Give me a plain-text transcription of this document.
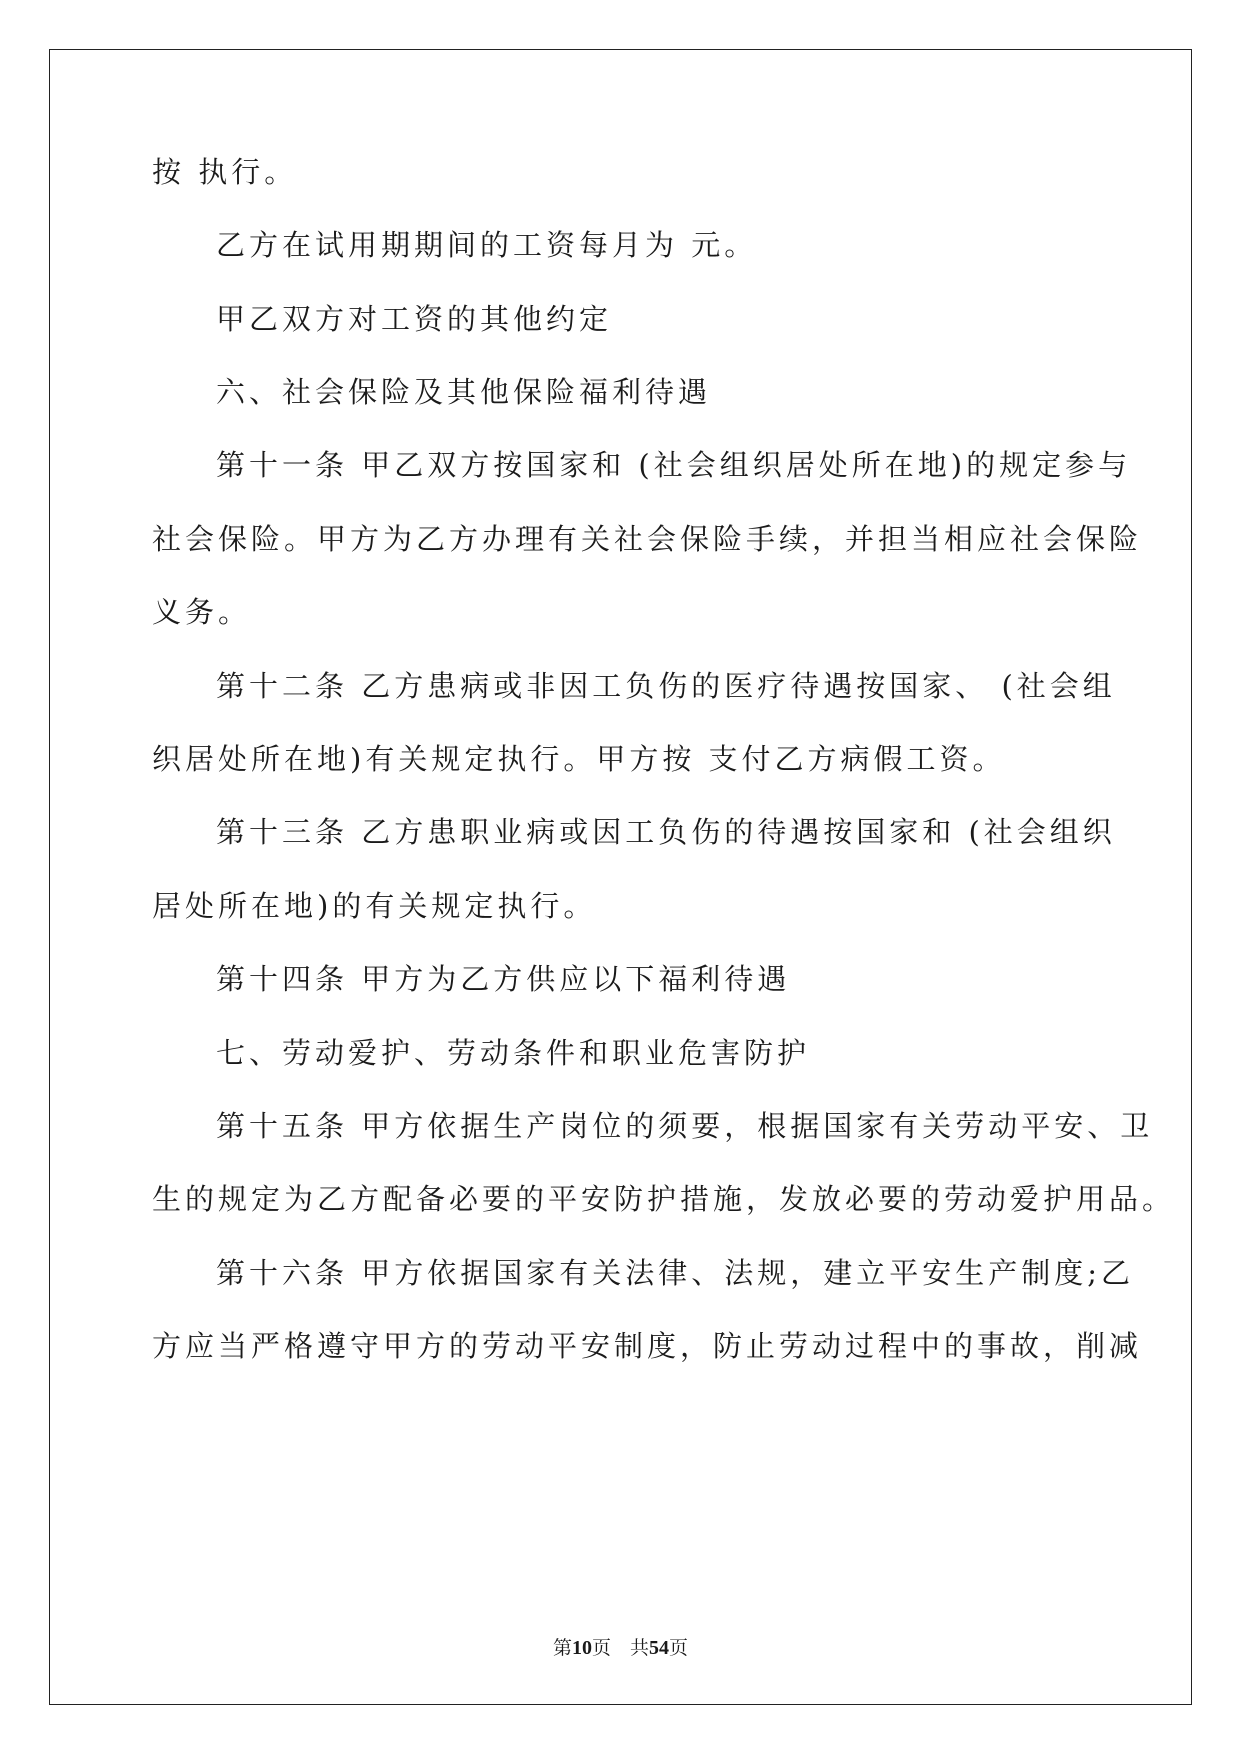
按 执行。
乙方在试用期期间的工资每月为 元。
甲乙双方对工资的其他约定
六、社会保险及其他保险福利待遇
第十一条 甲乙双方按国家和 (社会组织居处所在地)的规定参与
社会保险。甲方为乙方办理有关社会保险手续，并担当相应社会保险
义务。
第十二条 乙方患病或非因工负伤的医疗待遇按国家、 (社会组
织居处所在地)有关规定执行。甲方按 支付乙方病假工资。
第十三条 乙方患职业病或因工负伤的待遇按国家和 (社会组织
居处所在地)的有关规定执行。
第十四条 甲方为乙方供应以下福利待遇
七、劳动爱护、劳动条件和职业危害防护
第十五条 甲方依据生产岗位的须要，根据国家有关劳动平安、卫
生的规定为乙方配备必要的平安防护措施，发放必要的劳动爱护用品。
第十六条 甲方依据国家有关法律、法规，建立平安生产制度;乙
方应当严格遵守甲方的劳动平安制度，防止劳动过程中的事故，削减
第10页　共54页
